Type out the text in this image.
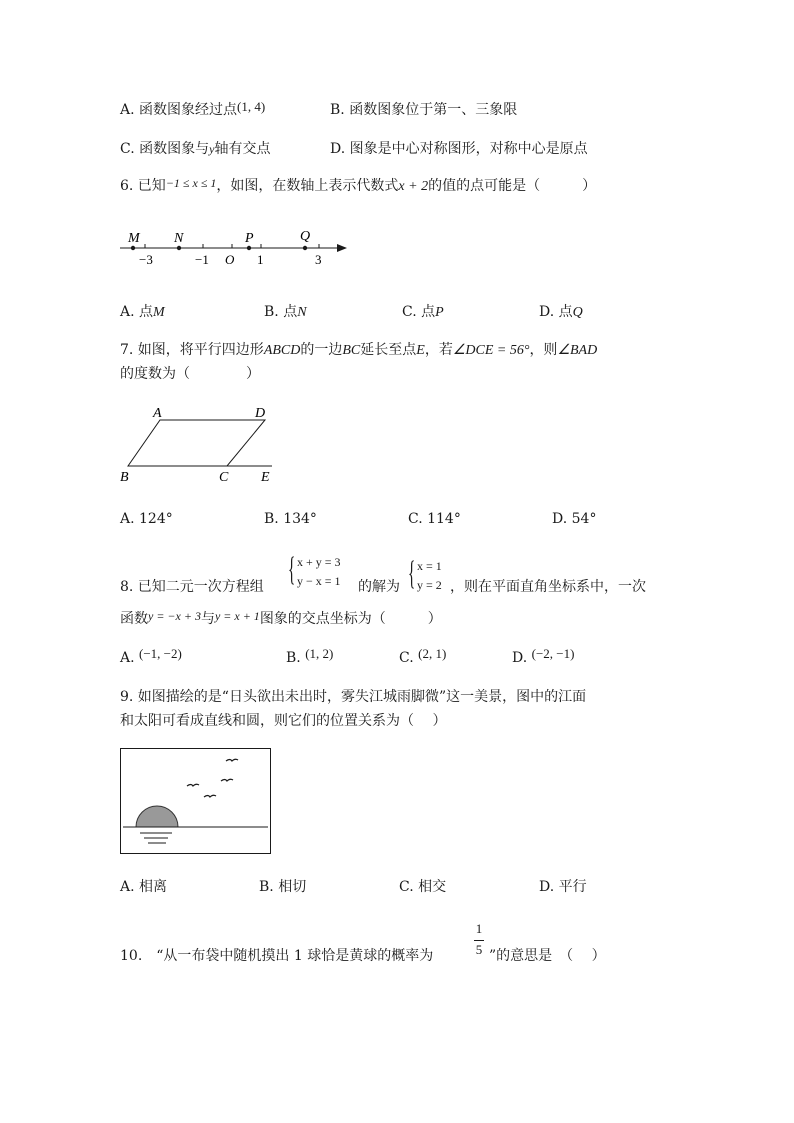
A. 函数图象经过点(1, 4)	B. 函数图象位于第一、三象限
C. 函数图象与y轴有交点	D. 图象是中心对称图形，对称中心是原点
6. 已知−1 ≤ x ≤ 1，如图，在数轴上表示代数式x + 2的值的点可能是（　　　）
M N	P	Q
−3	−1 O 1	3
A. 点M	B. 点N	C. 点P	D. 点Q
7. 如图，将平行四边形ABCD的一边BC延长至点E，若∠DCE = 56°，则∠BAD
的度数为（　　　　）
A	D
B	C E
A. 124°	B. 134°	C. 114°	D. 54°
8. 已知二元一次方程组 { x + y = 3
y − x = 1 的解为 { x = 1
y = 2 ，则在平面直角坐标系中，一次
函数y = −x + 3与y = x + 1图象的交点坐标为（　　　）
A. (−1, −2)	B. (1, 2)	C. (2, 1)	D. (−2, −1)
9. 如图描绘的是“日头欲出未出时，雾失江城雨脚微”这一美景，图中的江面
和太阳可看成直线和圆，则它们的位置关系为（　 ）
A. 相离	B. 相切	C. 相交	D. 平行
10.　“从一布袋中随机摸出 1 球恰是黄球的概率为
1
5 ”的意思是　（　 ）
